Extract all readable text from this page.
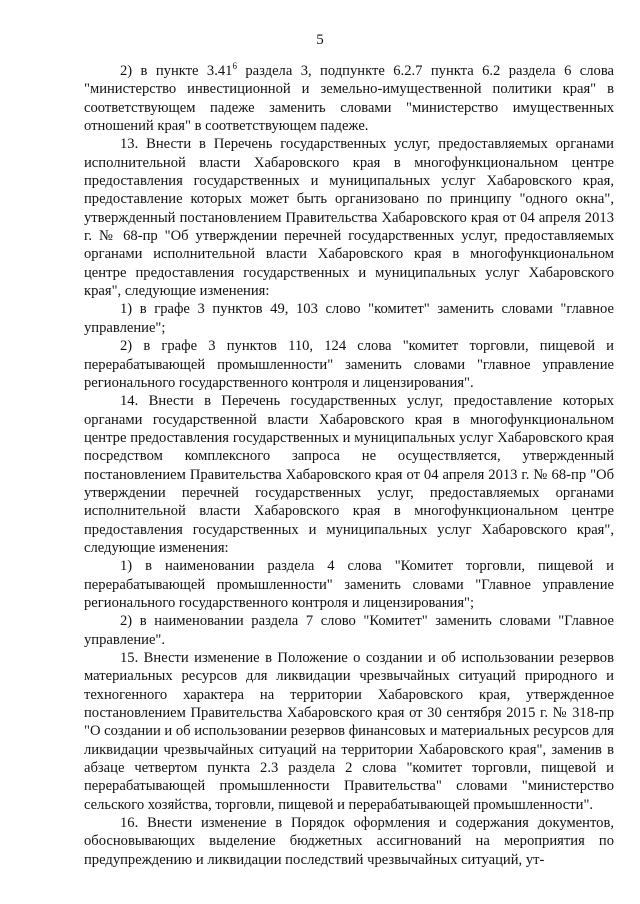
5

2) в пункте 3.41$^6$ раздела 3, подпункте 6.2.7 пункта 6.2 раздела 6 слова "министерство инвестиционной и земельно-имущественной политики края" в соответствующем падеже заменить словами "министерство имущественных отношений края" в соответствующем падеже.

13. Внести в Перечень государственных услуг, предоставляемых органами исполнительной власти Хабаровского края в многофункциональном центре предоставления государственных и муниципальных услуг Хабаровского края, предоставление которых может быть организовано по принципу "одного окна", утвержденный постановлением Правительства Хабаровского края от 04 апреля 2013 г. № 68-пр "Об утверждении перечней государственных услуг, предоставляемых органами исполнительной власти Хабаровского края в многофункциональном центре предоставления государственных и муниципальных услуг Хабаровского края", следующие изменения:

1) в графе 3 пунктов 49, 103 слово "комитет" заменить словами "главное управление";

2) в графе 3 пунктов 110, 124 слова "комитет торговли, пищевой и перерабатывающей промышленности" заменить словами "главное управление регионального государственного контроля и лицензирования".

14. Внести в Перечень государственных услуг, предоставление которых органами государственной власти Хабаровского края в многофункциональном центре предоставления государственных и муниципальных услуг Хабаровского края посредством комплексного запроса не осуществляется, утвержденный постановлением Правительства Хабаровского края от 04 апреля 2013 г. № 68-пр "Об утверждении перечней государственных услуг, предоставляемых органами исполнительной власти Хабаровского края в многофункциональном центре предоставления государственных и муниципальных услуг Хабаровского края", следующие изменения:

1) в наименовании раздела 4 слова "Комитет торговли, пищевой и перерабатывающей промышленности" заменить словами "Главное управление регионального государственного контроля и лицензирования";

2) в наименовании раздела 7 слово "Комитет" заменить словами "Главное управление".

15. Внести изменение в Положение о создании и об использовании резервов материальных ресурсов для ликвидации чрезвычайных ситуаций природного и техногенного характера на территории Хабаровского края, утвержденное постановлением Правительства Хабаровского края от 30 сентября 2015 г. № 318-пр "О создании и об использовании резервов финансовых и материальных ресурсов для ликвидации чрезвычайных ситуаций на территории Хабаровского края", заменив в абзаце четвертом пункта 2.3 раздела 2 слова "комитет торговли, пищевой и перерабатывающей промышленности Правительства" словами "министерство сельского хозяйства, торговли, пищевой и перерабатывающей промышленности".

16. Внести изменение в Порядок оформления и содержания документов, обосновывающих выделение бюджетных ассигнований на мероприятия по предупреждению и ликвидации последствий чрезвычайных ситуаций, ут-
